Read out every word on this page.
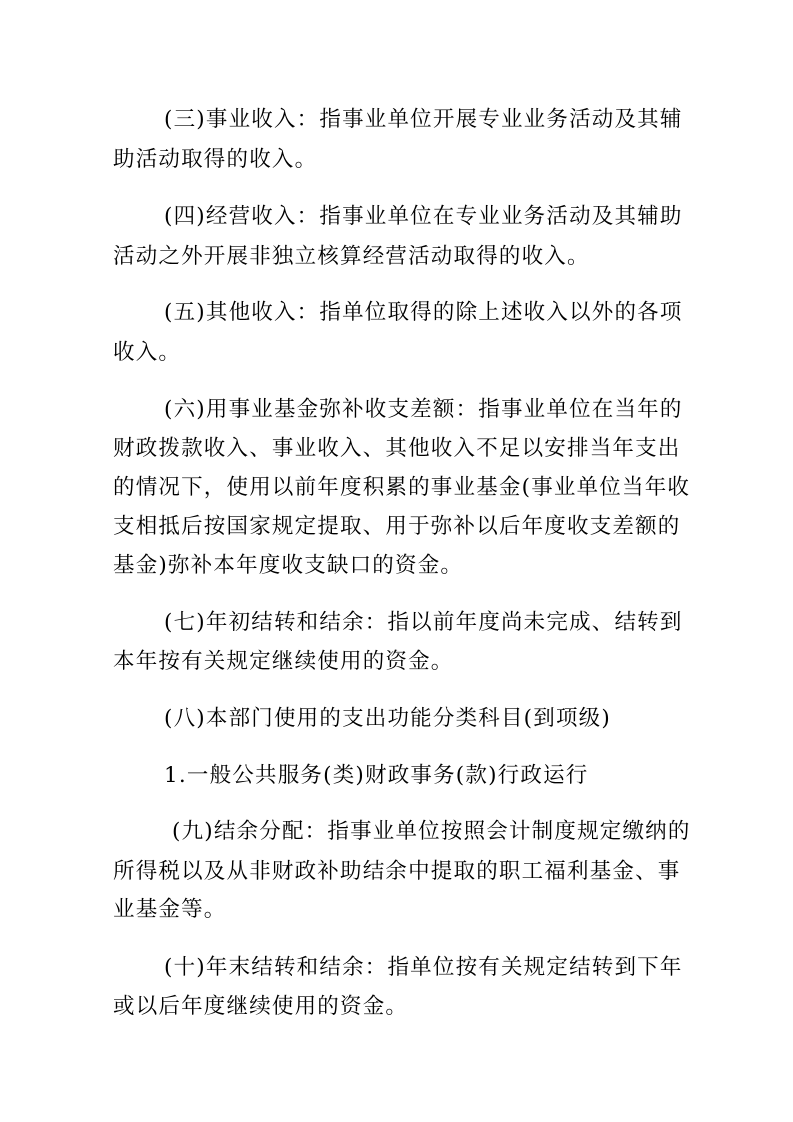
(三)事业收入：指事业单位开展专业业务活动及其辅
助活动取得的收入。
(四)经营收入：指事业单位在专业业务活动及其辅助
活动之外开展非独立核算经营活动取得的收入。
(五)其他收入：指单位取得的除上述收入以外的各项
收入。
(六)用事业基金弥补收支差额：指事业单位在当年的
财政拨款收入、事业收入、其他收入不足以安排当年支出
的情况下，使用以前年度积累的事业基金(事业单位当年收
支相抵后按国家规定提取、用于弥补以后年度收支差额的
基金)弥补本年度收支缺口的资金。
(七)年初结转和结余：指以前年度尚未完成、结转到
本年按有关规定继续使用的资金。
(八)本部门使用的支出功能分类科目(到项级)
1.一般公共服务(类)财政事务(款)行政运行
(九)结余分配：指事业单位按照会计制度规定缴纳的
所得税以及从非财政补助结余中提取的职工福利基金、事
业基金等。
(十)年末结转和结余：指单位按有关规定结转到下年
或以后年度继续使用的资金。
